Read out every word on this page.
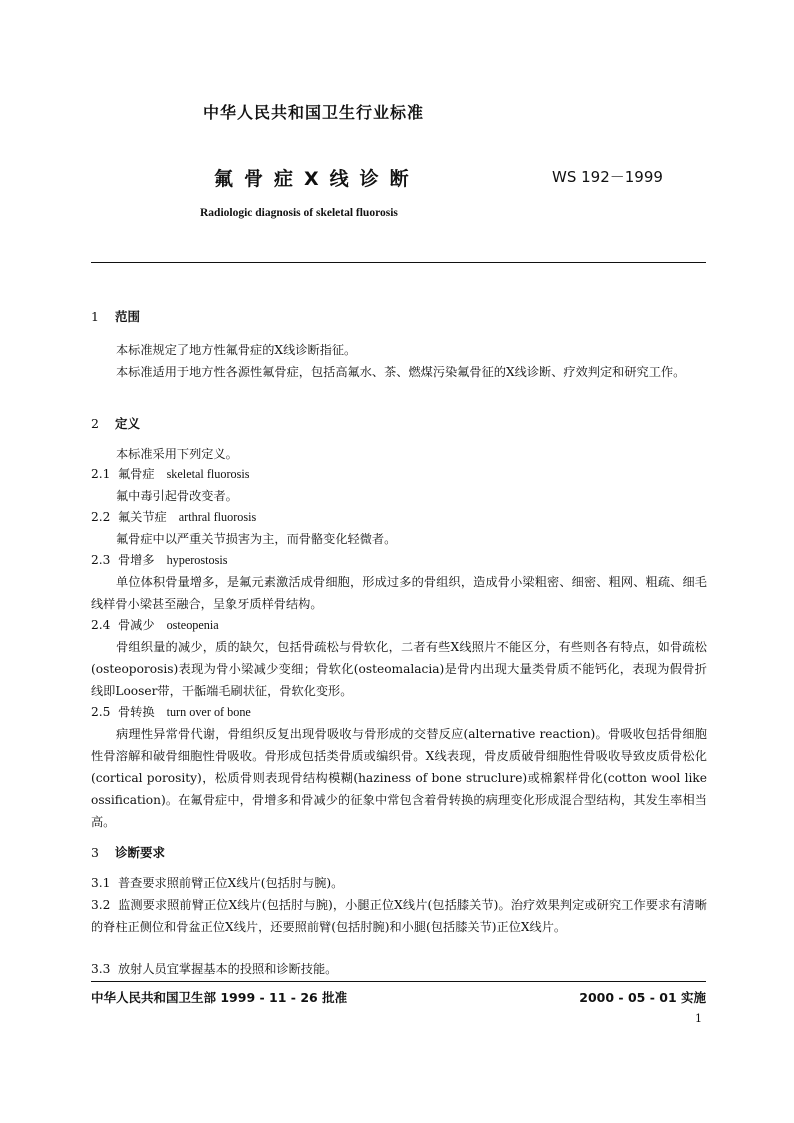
中华人民共和国卫生行业标准
氟骨症X线诊断	WS 192－1999
Radiologic diagnosis of skeletal fluorosis
1 范围
本标准规定了地方性氟骨症的X线诊断指征。
本标准适用于地方性各源性氟骨症，包括高氟水、茶、燃煤污染氟骨征的X线诊断、疗效判定和研究工作。
2 定义
本标准采用下列定义。
2.1 氟骨症 skeletal fluorosis
氟中毒引起骨改变者。
2.2 氟关节症 arthral fluorosis
氟骨症中以严重关节损害为主，而骨骼变化轻微者。
2.3 骨增多 hyperostosis
单位体积骨量增多，是氟元素激活成骨细胞，形成过多的骨组织，造成骨小梁粗密、细密、粗网、粗疏、细毛线样骨小梁甚至融合，呈象牙质样骨结构。
2.4 骨减少 osteopenia
骨组织量的减少，质的缺欠，包括骨疏松与骨软化，二者有些X线照片不能区分，有些则各有特点，如骨疏松(osteoporosis)表现为骨小梁减少变细；骨软化(osteomalacia)是骨内出现大量类骨质不能钙化，表现为假骨折线即Looser带，干骺端毛刷状征，骨软化变形。
2.5 骨转换 turn over of bone
病理性异常骨代谢，骨组织反复出现骨吸收与骨形成的交替反应(alternative reaction)。骨吸收包括骨细胞性骨溶解和破骨细胞性骨吸收。骨形成包括类骨质或编织骨。X线表现，骨皮质破骨细胞性骨吸收导致皮质骨松化(cortical porosity)，松质骨则表现骨结构模糊(haziness of bone struclure)或棉絮样骨化(cotton wool like ossification)。在氟骨症中，骨增多和骨减少的征象中常包含着骨转换的病理变化形成混合型结构，其发生率相当高。
3 诊断要求
3.1 普查要求照前臂正位X线片(包括肘与腕)。
3.2 监测要求照前臂正位X线片(包括肘与腕)，小腿正位X线片(包括膝关节)。治疗效果判定或研究工作要求有清晰的脊柱正侧位和骨盆正位X线片，还要照前臂(包括肘腕)和小腿(包括膝关节)正位X线片。
3.3 放射人员宜掌握基本的投照和诊断技能。
中华人民共和国卫生部 1999 - 11 - 26 批准	2000 - 05 - 01 实施
1
